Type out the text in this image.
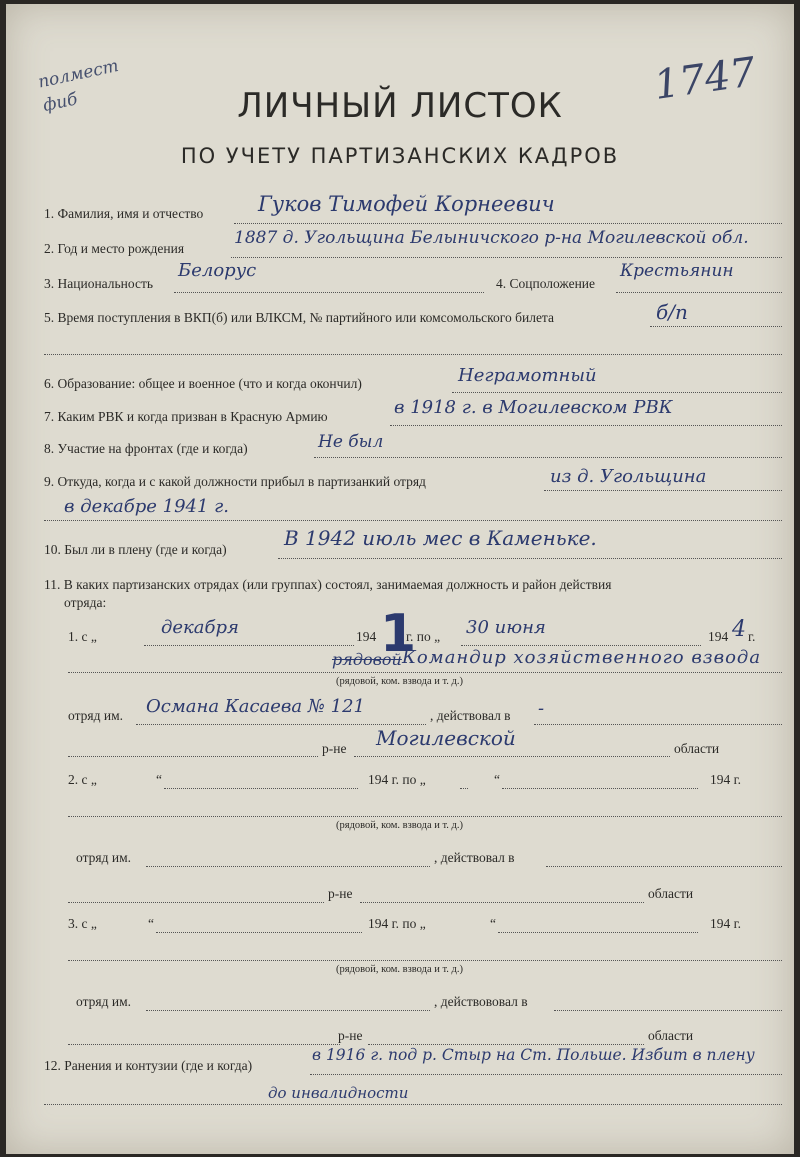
полмест
фиб	1747
ЛИЧНЫЙ ЛИСТОК
ПО УЧЕТУ ПАРТИЗАНСКИХ КАДРОВ
1. Фамилия, имя и отчество	Гуков Тимофей Корнеевич
2. Год и место рождения
1887 д. Угольщина Белыничского р-на Могилевской обл.
3. Национальность
Белорус
4. Соцположение
Крестьянин
5. Время поступления в ВКП(б) или ВЛКСМ, № партийного или комсомольского билета	б/п
6. Образование: общее и военное (что и когда окончил)	Неграмотный
7. Каким РВК и когда призван в Красную Армию	в 1918 г. в Могилевском РВК
8. Участие на фронтах (где и когда)	Не был
9. Откуда, когда и с какой должности прибыл в партизанкий отряд	из д. Угольщина
в декабре 1941 г.
10. Был ли в плену (где и когда)	В 1942 июль мес в Каменьке.
11. В каких партизанских отрядах (или группах) состоял, занимаемая должность и район действия
отряда:
1. с „	декабря	194 1
г. по „ 30 июня	194 4 г.
рядовой Командир хозяйственного взвода
(рядовой, ком. взвода и т. д.)
отряд им. Османа Касаева № 121	, действовал в -
р-не Могилевской	области
2. с „	“	194 г. по „	“	194 г.
(рядовой, ком. взвода и т. д.)
отряд им.	, действовал в
р-не	области
3. с „	“	194 г. по „	“	194 г.
(рядовой, ком. взвода и т. д.)
отряд им.	, действововал в
р-не	области
12. Ранения и контузии (где и когда)
в 1916 г. под р. Стыр на Ст. Польше. Избит в плену
до инвалидности
